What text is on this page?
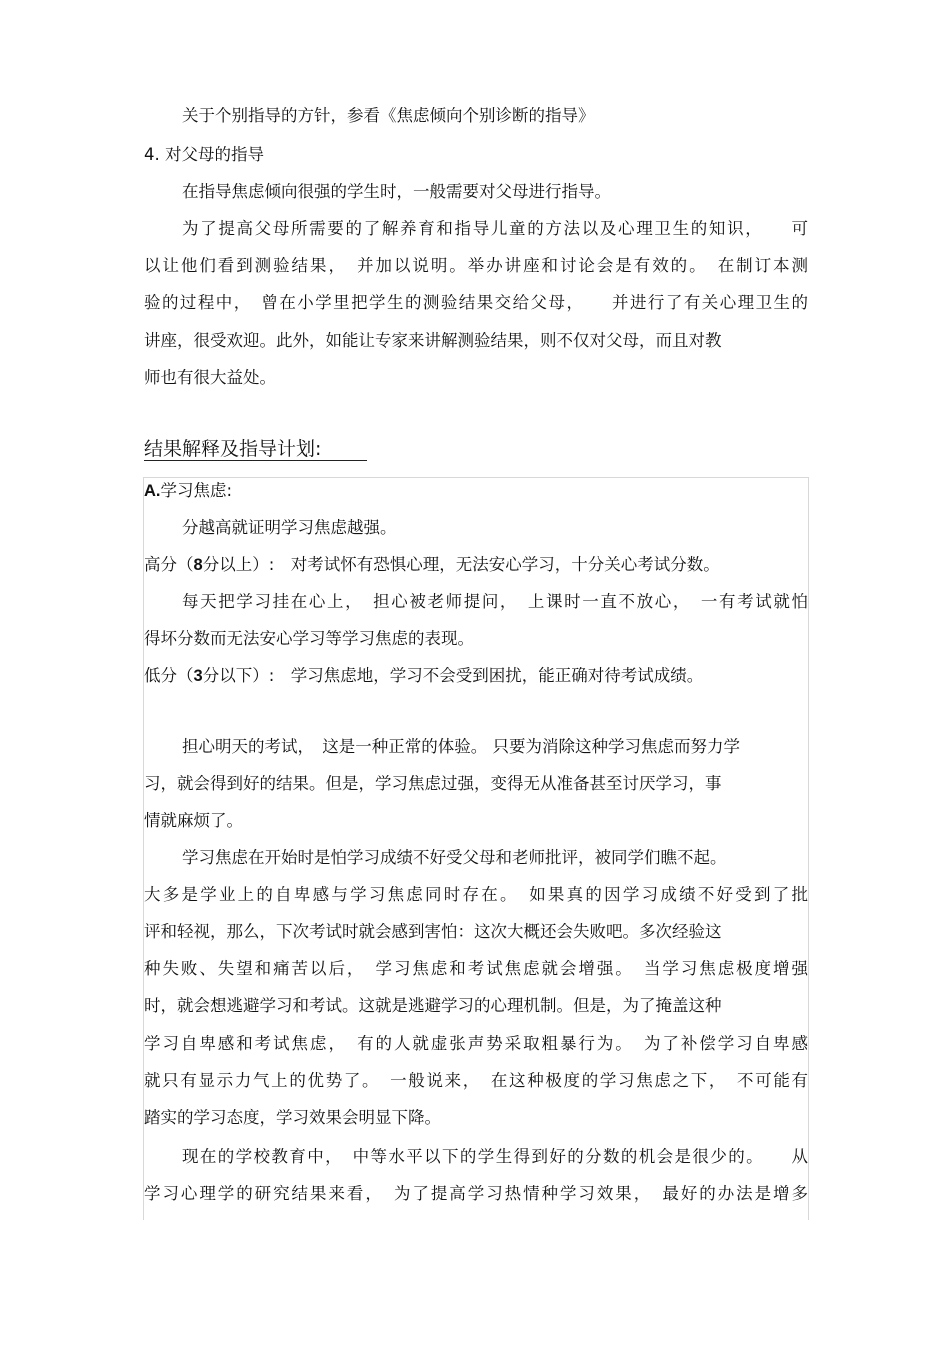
关于个别指导的方针，参看《焦虑倾向个别诊断的指导》
4. 对父母的指导
在指导焦虑倾向很强的学生时，一般需要对父母进行指导。
为了提高父母所需要的了解养育和指导儿童的方法以及心理卫生的知识，　　可
以让他们看到测验结果，　并加以说明。举办讲座和讨论会是有效的。　在制订本测
验的过程中，　曾在小学里把学生的测验结果交给父母，　　并进行了有关心理卫生的
讲座，很受欢迎。此外，如能让专家来讲解测验结果，则不仅对父母，而且对教
师也有很大益处。
结果解释及指导计划:
A.学习焦虑:
分越高就证明学习焦虑越强。
高分（8分以上）:　对考试怀有恐惧心理，无法安心学习，十分关心考试分数。
每天把学习挂在心上，　担心被老师提问，　上课时一直不放心，　一有考试就怕
得坏分数而无法安心学习等学习焦虑的表现。
低分（3分以下）:　学习焦虑地，学习不会受到困扰，能正确对待考试成绩。
担心明天的考试，　这是一种正常的体验。 只要为消除这种学习焦虑而努力学
习，就会得到好的结果。但是，学习焦虑过强，变得无从准备甚至讨厌学习，事
情就麻烦了。
学习焦虑在开始时是怕学习成绩不好受父母和老师批评，被同学们瞧不起。
大多是学业上的自卑感与学习焦虑同时存在。　如果真的因学习成绩不好受到了批
评和轻视，那么，下次考试时就会感到害怕：这次大概还会失败吧。多次经验这
种失败、失望和痛苦以后，　学习焦虑和考试焦虑就会增强。　当学习焦虑极度增强
时，就会想逃避学习和考试。这就是逃避学习的心理机制。但是，为了掩盖这种
学习自卑感和考试焦虑，　有的人就虚张声势采取粗暴行为。　为了补偿学习自卑感
就只有显示力气上的优势了。　一般说来，　在这种极度的学习焦虑之下，　不可能有
踏实的学习态度，学习效果会明显下降。
现在的学校教育中，　中等水平以下的学生得到好的分数的机会是很少的。　　从
学习心理学的研究结果来看，　为了提高学习热情种学习效果，　最好的办法是增多
